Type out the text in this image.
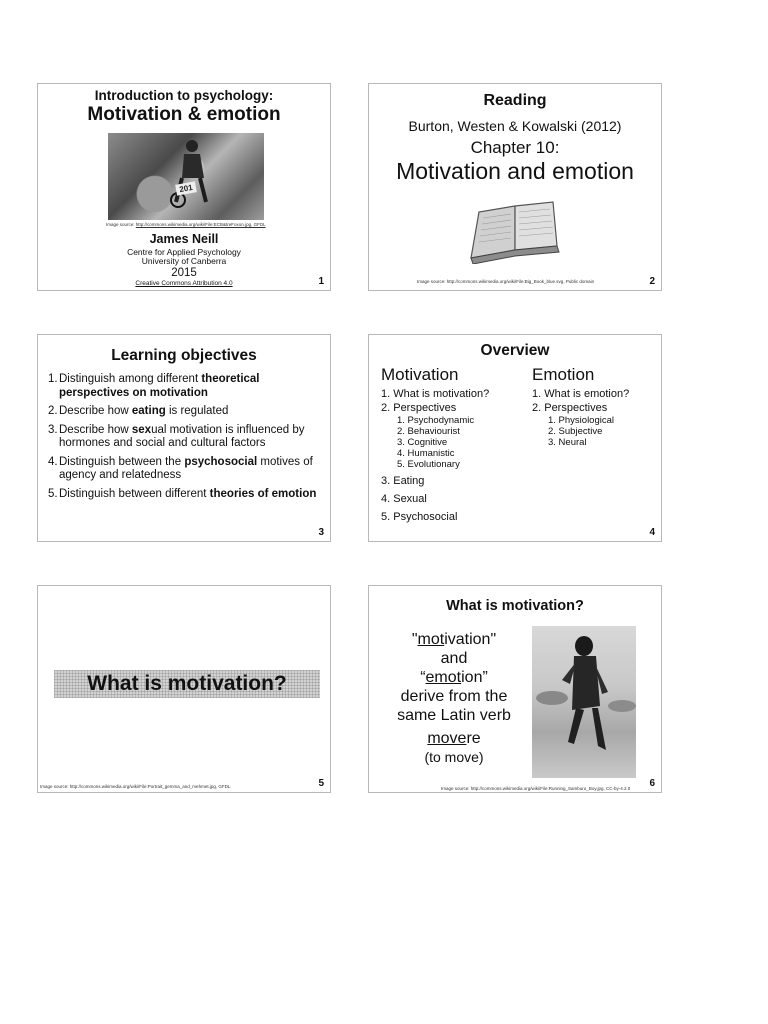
Introduction to psychology:
Motivation & emotion
201
Image source: http://commons.wikimedia.org/wiki/File:ECB&treFoxon.jpg, GFDL
James Neill
Centre for Applied Psychology
University of Canberra
2015
Creative Commons Attribution 4.0	1
Reading
Burton, Westen & Kowalski (2012)
Chapter 10:
Motivation and emotion
Image source: http://commons.wikimedia.org/wiki/File:Big_Book_blue.svg, Public domain	2
Learning objectives
1. Distinguish among different theoretical perspectives on motivation
2. Describe how eating is regulated
3. Describe how sexual motivation is influenced by hormones and social and cultural factors
4. Distinguish between the psychosocial motives of agency and relatedness
5. Distinguish between different theories of emotion
3
Overview
Motivation
1. What is motivation?
2. Perspectives
1. Psychodynamic
2. Behaviourist
3. Cognitive
4. Humanistic
5. Evolutionary
3. Eating
4. Sexual
5. Psychosocial
Emotion
1. What is emotion?
2. Perspectives
1. Physiological
2. Subjective
3. Neural
4
What is motivation?
Image source: http://commons.wikimedia.org/wiki/File:Portrait_gemma_and_mehmet.jpg, GFDL	5
What is motivation?
"motivation"
and
“emotion”
derive from the
same Latin verb
movere
(to move)
Image source: http://commons.wikimedia.org/wiki/File:Running_Samburu_Boy.jpg, CC-by-4.2.0 6
